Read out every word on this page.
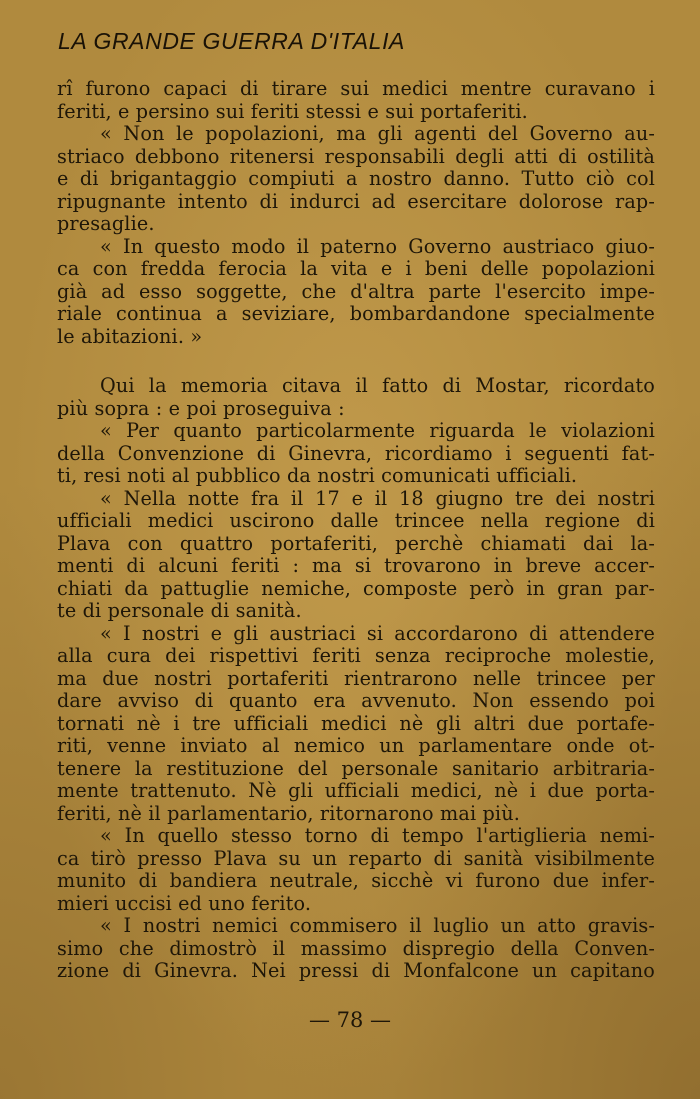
LA GRANDE GUERRA D'ITALIA
rî furono capaci di tirare sui medici mentre curavano i
feriti, e persino sui feriti stessi e sui portaferiti.
« Non le popolazioni, ma gli agenti del Governo au-
striaco debbono ritenersi responsabili degli atti di ostilità
e di brigantaggio compiuti a nostro danno. Tutto ciò col
ripugnante intento di indurci ad esercitare dolorose rap-
presaglie.
« In questo modo il paterno Governo austriaco giuo-
ca con fredda ferocia la vita e i beni delle popolazioni
già ad esso soggette, che d'altra parte l'esercito impe-
riale continua a seviziare, bombardandone specialmente
le abitazioni. »
Qui la memoria citava il fatto di Mostar, ricordato
più sopra : e poi proseguiva :
« Per quanto particolarmente riguarda le violazioni
della Convenzione di Ginevra, ricordiamo i seguenti fat-
ti, resi noti al pubblico da nostri comunicati ufficiali.
« Nella notte fra il 17 e il 18 giugno tre dei nostri
ufficiali medici uscirono dalle trincee nella regione di
Plava con quattro portaferiti, perchè chiamati dai la-
menti di alcuni feriti : ma si trovarono in breve accer-
chiati da pattuglie nemiche, composte però in gran par-
te di personale di sanità.
« I nostri e gli austriaci si accordarono di attendere
alla cura dei rispettivi feriti senza reciproche molestie,
ma due nostri portaferiti rientrarono nelle trincee per
dare avviso di quanto era avvenuto. Non essendo poi
tornati nè i tre ufficiali medici nè gli altri due portafe-
riti, venne inviato al nemico un parlamentare onde ot-
tenere la restituzione del personale sanitario arbitraria-
mente trattenuto. Nè gli ufficiali medici, nè i due porta-
feriti, nè il parlamentario, ritornarono mai più.
« In quello stesso torno di tempo l'artiglieria nemi-
ca tirò presso Plava su un reparto di sanità visibilmente
munito di bandiera neutrale, sicchè vi furono due infer-
mieri uccisi ed uno ferito.
« I nostri nemici commisero il luglio un atto gravis-
simo che dimostrò il massimo dispregio della Conven-
zione di Ginevra. Nei pressi di Monfalcone un capitano
— 78 —
